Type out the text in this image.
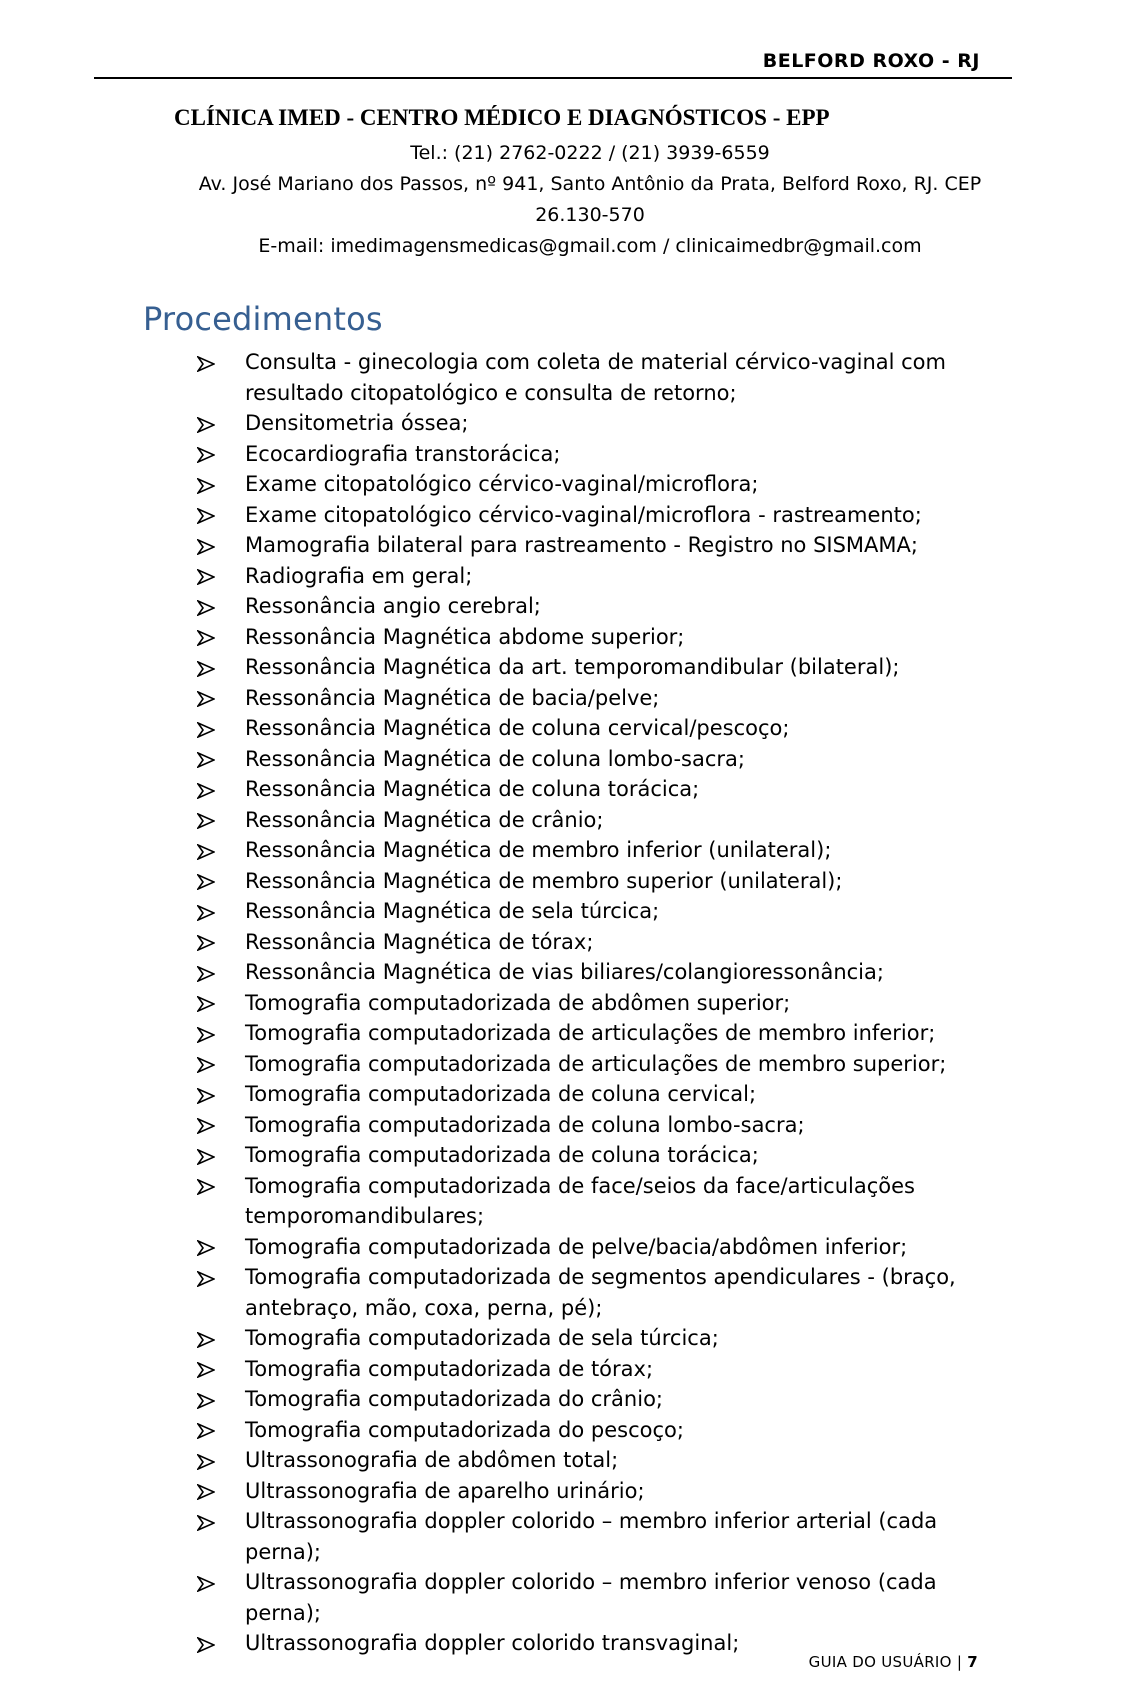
BELFORD ROXO - RJ
CLÍNICA IMED - CENTRO MÉDICO E DIAGNÓSTICOS - EPP
Tel.: (21) 2762-0222 / (21) 3939-6559
Av. José Mariano dos Passos, nº 941, Santo Antônio da Prata, Belford Roxo, RJ. CEP
26.130-570
E-mail: imedimagensmedicas@gmail.com / clinicaimedbr@gmail.com
Procedimentos
Consulta - ginecologia com coleta de material cérvico-vaginal com resultado citopatológico e consulta de retorno;
Densitometria óssea;
Ecocardiografia transtorácica;
Exame citopatológico cérvico-vaginal/microflora;
Exame citopatológico cérvico-vaginal/microflora - rastreamento;
Mamografia bilateral para rastreamento - Registro no SISMAMA;
Radiografia em geral;
Ressonância angio cerebral;
Ressonância Magnética abdome superior;
Ressonância Magnética da art. temporomandibular (bilateral);
Ressonância Magnética de bacia/pelve;
Ressonância Magnética de coluna cervical/pescoço;
Ressonância Magnética de coluna lombo-sacra;
Ressonância Magnética de coluna torácica;
Ressonância Magnética de crânio;
Ressonância Magnética de membro inferior (unilateral);
Ressonância Magnética de membro superior (unilateral);
Ressonância Magnética de sela túrcica;
Ressonância Magnética de tórax;
Ressonância Magnética de vias biliares/colangioressonância;
Tomografia computadorizada de abdômen superior;
Tomografia computadorizada de articulações de membro inferior;
Tomografia computadorizada de articulações de membro superior;
Tomografia computadorizada de coluna cervical;
Tomografia computadorizada de coluna lombo-sacra;
Tomografia computadorizada de coluna torácica;
Tomografia computadorizada de face/seios da face/articulações temporomandibulares;
Tomografia computadorizada de pelve/bacia/abdômen inferior;
Tomografia computadorizada de segmentos apendiculares - (braço, antebraço, mão, coxa, perna, pé);
Tomografia computadorizada de sela túrcica;
Tomografia computadorizada de tórax;
Tomografia computadorizada do crânio;
Tomografia computadorizada do pescoço;
Ultrassonografia de abdômen total;
Ultrassonografia de aparelho urinário;
Ultrassonografia doppler colorido – membro inferior arterial (cada perna);
Ultrassonografia doppler colorido – membro inferior venoso (cada perna);
Ultrassonografia doppler colorido transvaginal;
GUIA DO USUÁRIO | 7
